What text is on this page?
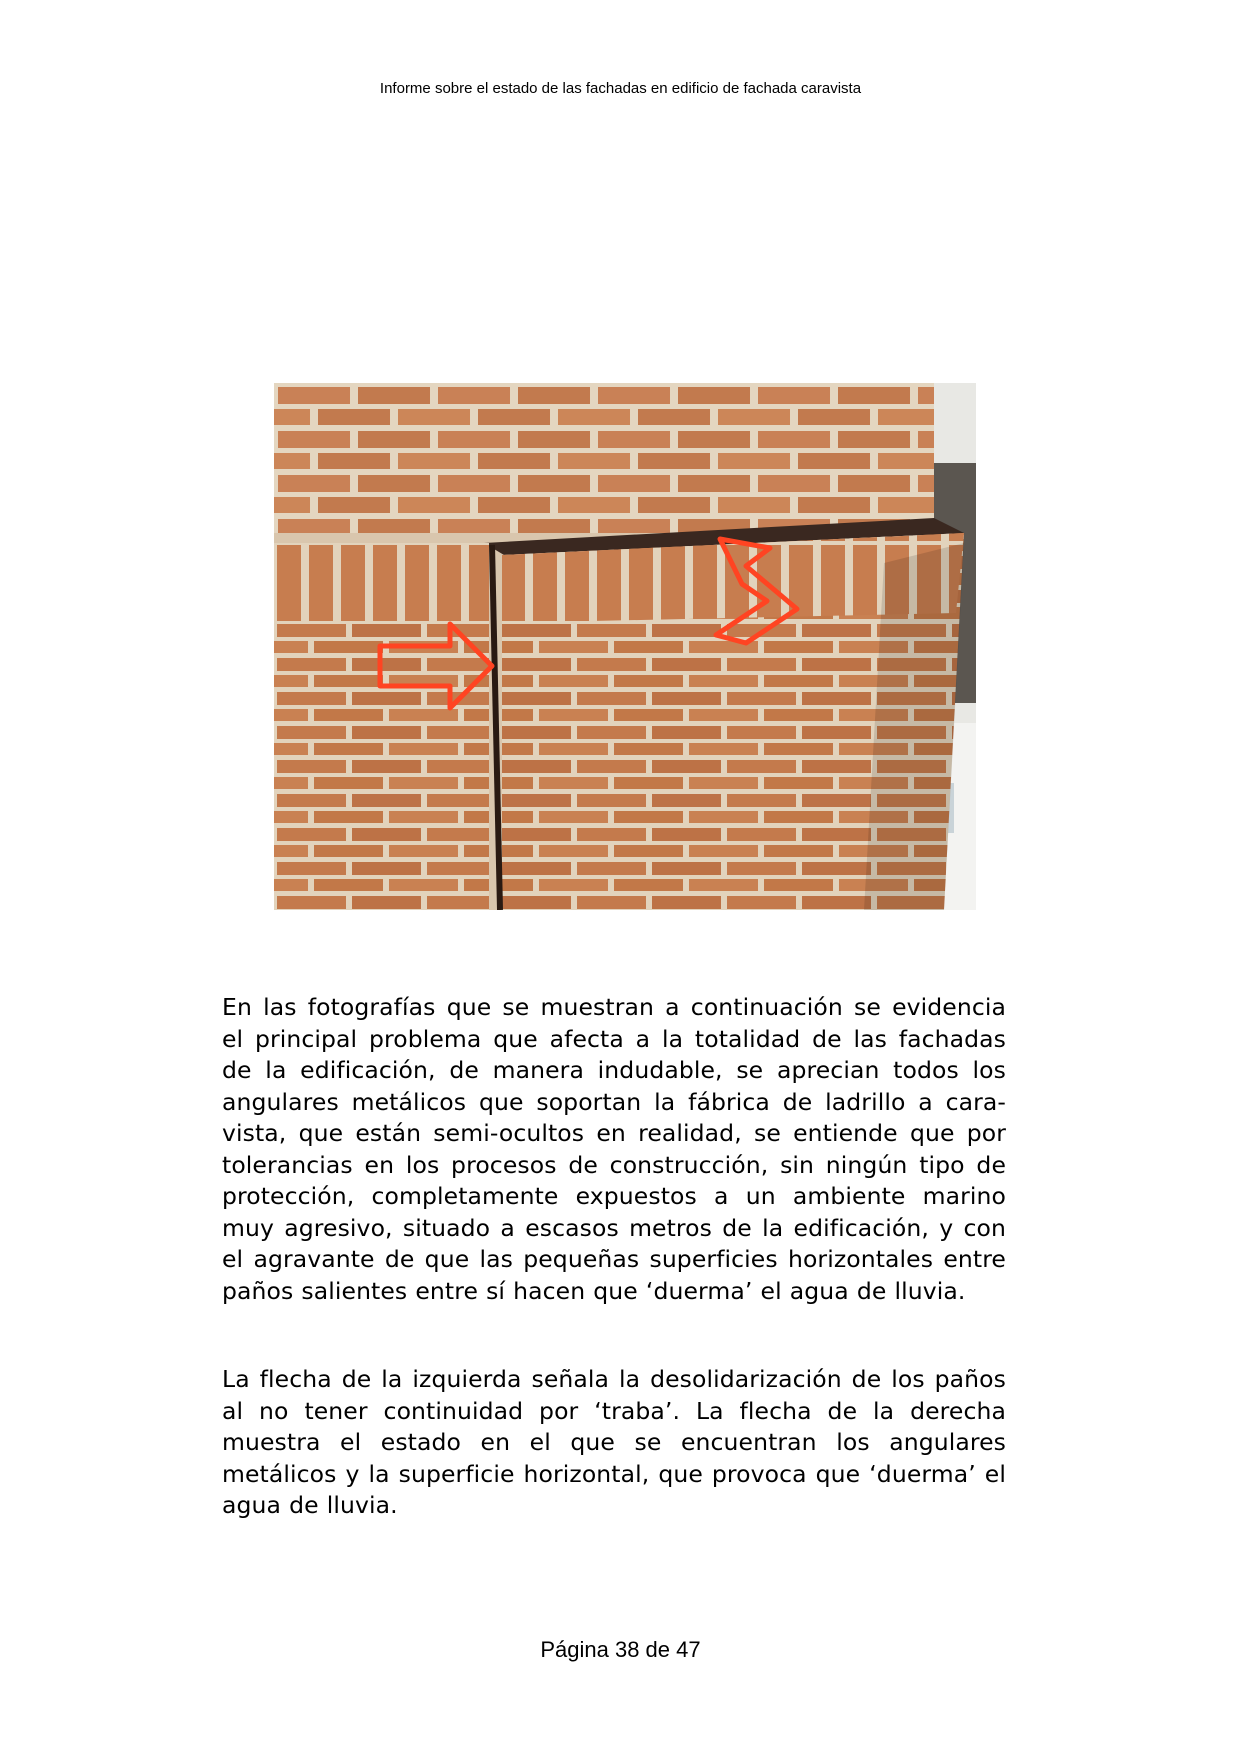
Informe sobre el estado de las fachadas en edificio de fachada caravista

En las fotografías que se muestran a continuación se evidencia el principal problema que afecta a la totalidad de las fachadas de la edificación, de manera indudable, se aprecian todos los angulares metálicos que soportan la fábrica de ladrillo a cara-vista, que están semi-ocultos en realidad, se entiende que por tolerancias en los procesos de construcción, sin ningún tipo de protección, completamente expuestos a un ambiente marino muy agresivo, situado a escasos metros de la edificación, y con el agravante de que las pequeñas superficies horizontales entre paños salientes entre sí hacen que ‘duerma’ el agua de lluvia.

La flecha de la izquierda señala la desolidarización de los paños al no tener continuidad por ‘traba’. La flecha de la derecha muestra el estado en el que se encuentran los angulares metálicos y la superficie horizontal, que provoca que ‘duerma’ el agua de lluvia.

Página 38 de 47
